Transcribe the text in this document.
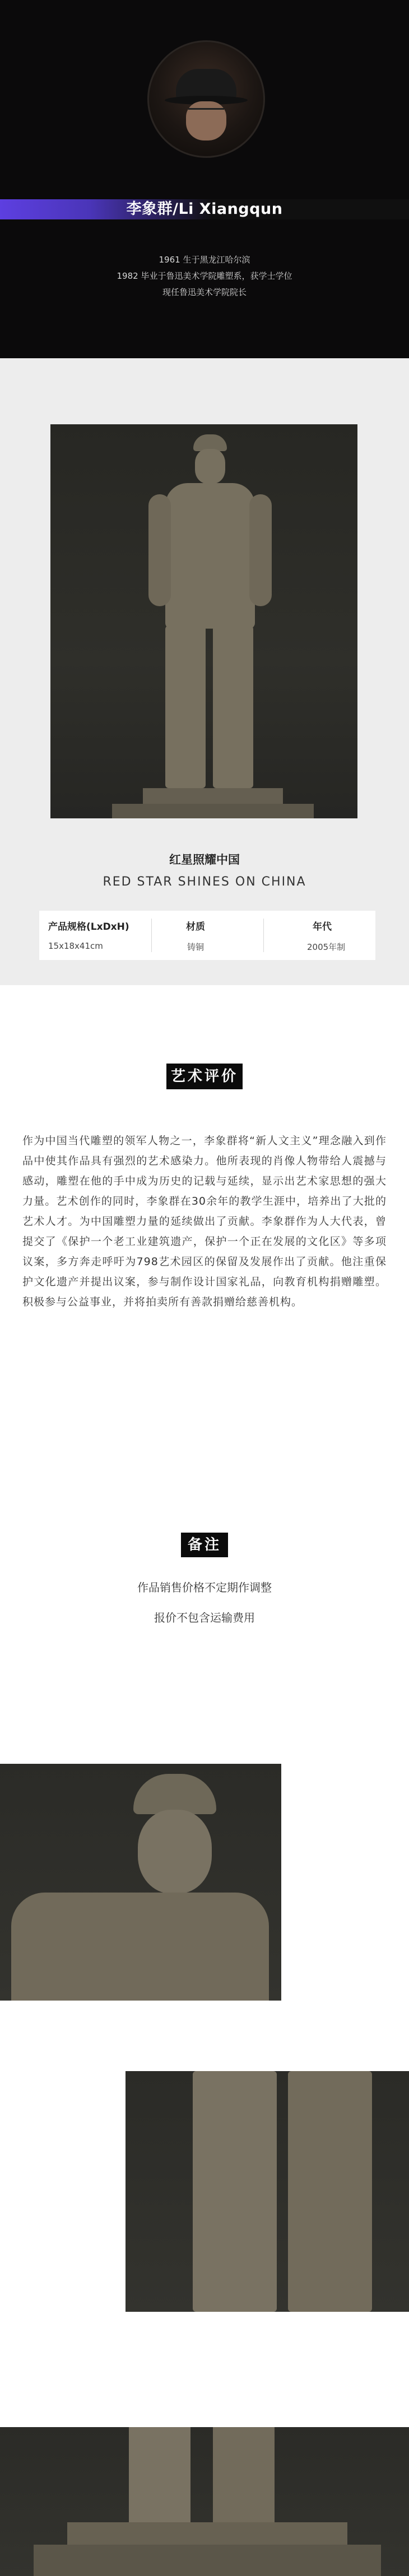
李象群/Li Xiangqun
1961 生于黑龙江哈尔滨
1982 毕业于鲁迅美术学院雕塑系，获学士学位
现任鲁迅美术学院院长
红星照耀中国
RED STAR SHINES ON CHINA
产品规格(LxDxH)
15x18x41cm
材质
铸铜
年代
2005年制
艺术评价
作为中国当代雕塑的领军人物之一，李象群将“新人文主义”理念融入到作品中使其作品具有强烈的艺术感染力。他所表现的肖像人物带给人震撼与感动，雕塑在他的手中成为历史的记载与延续，显示出艺术家思想的强大力量。艺术创作的同时，李象群在30余年的教学生涯中，培养出了大批的艺术人才。为中国雕塑力量的延续做出了贡献。李象群作为人大代表，曾提交了《保护一个老工业建筑遗产，保护一个正在发展的文化区》等多项议案，多方奔走呼吁为798艺术园区的保留及发展作出了贡献。他注重保护文化遗产并提出议案，参与制作设计国家礼品，向教育机构捐赠雕塑。积极参与公益事业，并将拍卖所有善款捐赠给慈善机构。
备注
作品销售价格不定期作调整
报价不包含运输费用
